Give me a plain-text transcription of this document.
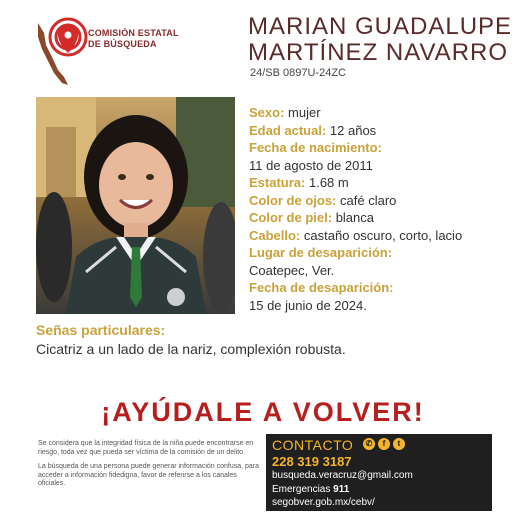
COMISIÓN ESTATAL
DE BÚSQUEDA
MARIAN GUADALUPE
MARTÍNEZ NAVARRO
24/SB 0897U-24ZC
Sexo: mujer
Edad actual: 12 años
Fecha de nacimiento:
11 de agosto de 2011
Estatura: 1.68 m
Color de ojos: café claro
Color de piel: blanca
Cabello: castaño oscuro, corto, lacio
Lugar de desaparición:
Coatepec, Ver.
Fecha de desaparición:
15 de junio de 2024.
Señas particulares:
Cicatriz a un lado de la nariz, complexión robusta.
¡AYÚDALE A VOLVER!

Se considera que la integridad física de la niña puede encontrarse en riesgo, toda vez que pueda ser víctima de la comisión de un delito.

La búsqueda de una persona puede generar información confusa, para acceder a información fidedigna, favor de referirse a los canales oficiales.

CONTACTO	✆	f	t
228 319 3187
busqueda.veracruz@gmail.com
Emergencias 911
segobver.gob.mx/cebv/
